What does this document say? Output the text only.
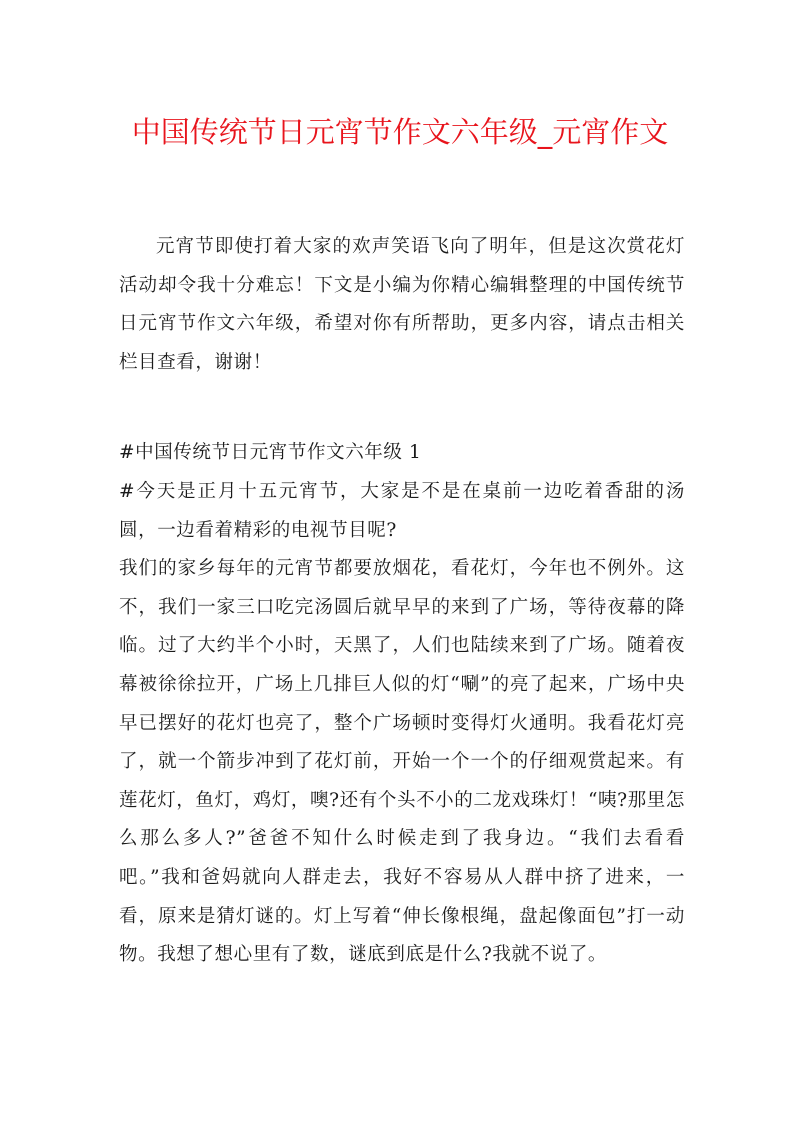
中国传统节日元宵节作文六年级_元宵作文

元宵节即使打着大家的欢声笑语飞向了明年，但是这次赏花灯活动却令我十分难忘！下文是小编为你精心编辑整理的中国传统节日元宵节作文六年级，希望对你有所帮助，更多内容，请点击相关栏目查看，谢谢！

#中国传统节日元宵节作文六年级 1

#今天是正月十五元宵节，大家是不是在桌前一边吃着香甜的汤圆，一边看着精彩的电视节目呢?

我们的家乡每年的元宵节都要放烟花，看花灯，今年也不例外。这不，我们一家三口吃完汤圆后就早早的来到了广场，等待夜幕的降临。过了大约半个小时，天黑了，人们也陆续来到了广场。随着夜幕被徐徐拉开，广场上几排巨人似的灯“唰”的亮了起来，广场中央早已摆好的花灯也亮了，整个广场顿时变得灯火通明。我看花灯亮了，就一个箭步冲到了花灯前，开始一个一个的仔细观赏起来。有莲花灯，鱼灯，鸡灯，噢?还有个头不小的二龙戏珠灯！“咦?那里怎么那么多人?”爸爸不知什么时候走到了我身边。“我们去看看吧。”我和爸妈就向人群走去，我好不容易从人群中挤了进来，一看，原来是猜灯谜的。灯上写着“伸长像根绳，盘起像面包”打一动物。我想了想心里有了数，谜底到底是什么?我就不说了。
